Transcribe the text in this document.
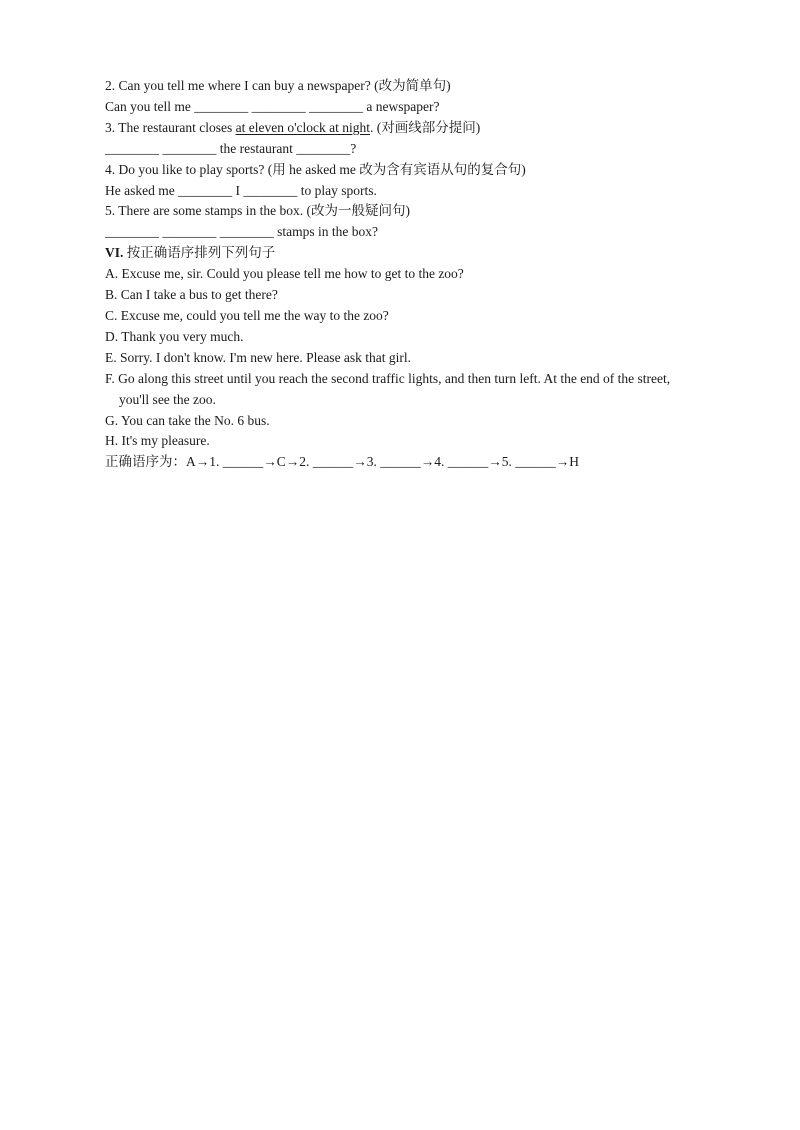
2. Can you tell me where I can buy a newspaper? (改为简单句)
Can you tell me ________ ________ ________ a newspaper?
3. The restaurant closes at eleven o'clock at night. (对画线部分提问)
________ ________ the restaurant ________?
4. Do you like to play sports? (用 he asked me 改为含有宾语从句的复合句)
He asked me ________ I ________ to play sports.
5. There are some stamps in the box. (改为一般疑问句)
________ ________ ________ stamps in the box?
VI. 按正确语序排列下列句子
A. Excuse me, sir. Could you please tell me how to get to the zoo?
B. Can I take a bus to get there?
C. Excuse me, could you tell me the way to the zoo?
D. Thank you very much.
E. Sorry. I don't know. I'm new here. Please ask that girl.
F. Go along this street until you reach the second traffic lights, and then turn left. At the end of the street,
you'll see the zoo.
G. You can take the No. 6 bus.
H. It's my pleasure.
正确语序为：A→1. ______→C→2. ______→3. ______→4. ______→5. ______→H
